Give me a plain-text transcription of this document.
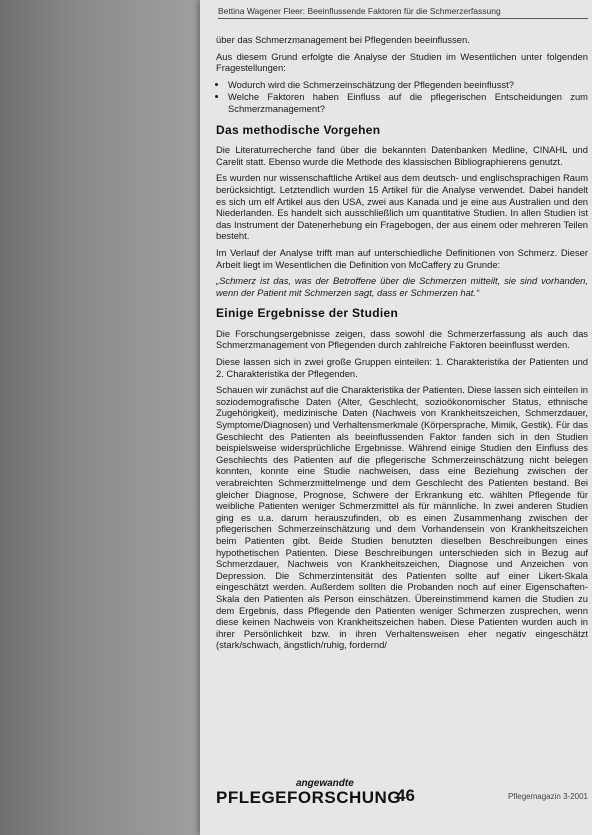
Bettina Wagener Fleer: Beeinflussende Faktoren für die Schmerzerfassung

über das Schmerzmanagement bei Pflegenden beeinflussen.

Aus diesem Grund erfolgte die Analyse der Studien im Wesentlichen unter folgenden Fragestellungen:

• Wodurch wird die Schmerzeinschätzung der Pflegenden beeinflusst?
• Welche Faktoren haben Einfluss auf die pflegerischen Entscheidungen zum Schmerzmanagement?
Das methodische Vorgehen

Die Literaturrecherche fand über die bekannten Datenbanken Medline, CINAHL und Carelit statt. Ebenso wurde die Methode des klassischen Bibliographierens genutzt.

Es wurden nur wissenschaftliche Artikel aus dem deutsch- und englischsprachigen Raum berücksichtigt. Letztendlich wurden 15 Artikel für die Analyse verwendet. Dabei handelt es sich um elf Artikel aus den USA, zwei aus Kanada und je eine aus Australien und den Niederlanden. Es handelt sich ausschließlich um quantitative Studien. In allen Studien ist das Instrument der Datenerhebung ein Fragebogen, der aus einem oder mehreren Teilen besteht.

Im Verlauf der Analyse trifft man auf unterschiedliche Definitionen von Schmerz. Dieser Arbeit liegt im Wesentlichen die Definition von McCaffery zu Grunde:

„Schmerz ist das, was der Betroffene über die Schmerzen mitteilt, sie sind vorhanden, wenn der Patient mit Schmerzen sagt, dass er Schmerzen hat.“

Einige Ergebnisse der Studien

Die Forschungsergebnisse zeigen, dass sowohl die Schmerzerfassung als auch das Schmerzmanagement von Pflegenden durch zahlreiche Faktoren beeinflusst werden.

Diese lassen sich in zwei große Gruppen einteilen: 1. Charakteristika der Patienten und 2. Charakteristika der Pflegenden.

Schauen wir zunächst auf die Charakteristika der Patienten. Diese lassen sich einteilen in soziodemografische Daten (Alter, Geschlecht, sozioökonomischer Status, ethnische Zugehörigkeit), medizinische Daten (Nachweis von Krankheitszeichen, Schmerzdauer, Symptome/Diagnosen) und Verhaltensmerkmale (Körpersprache, Mimik, Gestik). Für das Geschlecht des Patienten als beeinflussenden Faktor fanden sich in den Studien beispielsweise widersprüchliche Ergebnisse. Während einige Studien den Einfluss des Geschlechts des Patienten auf die pflegerische Schmerzeinschätzung nicht belegen konnten, konnte eine Studie nachweisen, dass eine Beziehung zwischen der verabreichten Schmerzmittelmenge und dem Geschlecht des Patienten bestand. Bei gleicher Diagnose, Prognose, Schwere der Erkrankung etc. wählten Pflegende für weibliche Patienten weniger Schmerzmittel als für männliche. In zwei anderen Studien ging es u.a. darum herauszufinden, ob es einen Zusammenhang zwischen der pflegerischen Schmerzeinschätzung und dem Vorhandensein von Krankheitszeichen beim Patienten gibt. Beide Studien benutzten dieselben Beschreibungen eines hypothetischen Patienten. Diese Beschreibungen unterschieden sich in Bezug auf Schmerzdauer, Nachweis von Krankheitszeichen, Diagnose und Anzeichen von Depression. Die Schmerzintensität des Patienten sollte auf einer Likert-Skala eingeschätzt werden. Außerdem sollten die Probanden noch auf einer Eigenschaften-Skala den Patienten als Person einschätzen. Übereinstimmend kamen die Studien zu dem Ergebnis, dass Pflegende den Patienten weniger Schmerzen zusprechen, wenn diese keinen Nachweis von Krankheitszeichen haben. Diese Patienten wurden auch in ihrer Persönlichkeit bzw. in ihren Verhaltensweisen eher negativ eingeschätzt (stark/schwach, ängstlich/ruhig, fordernd/

angewandte
PFLEGEFORSCHUNG
46	Pflegemagazin 3-2001
